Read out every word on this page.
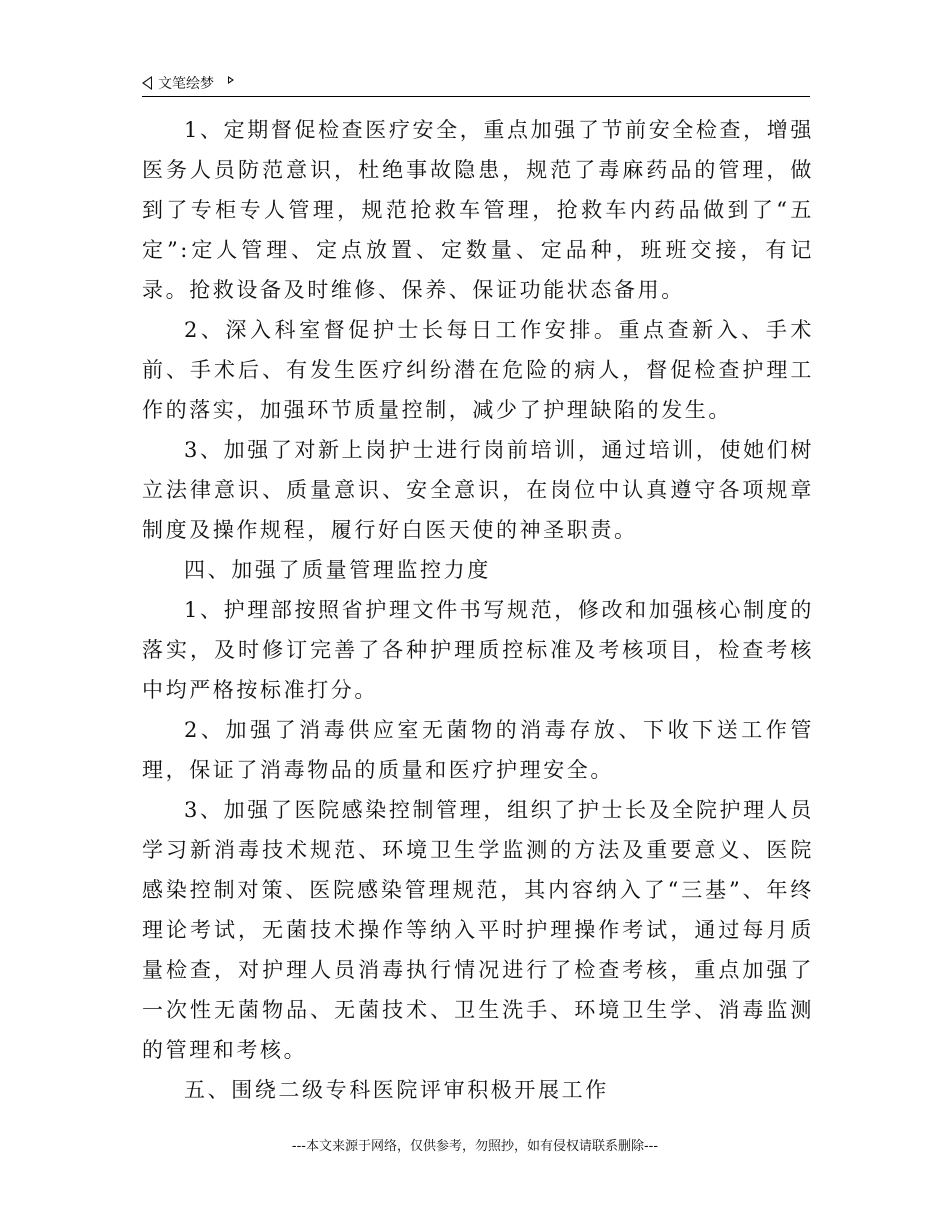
文笔绘梦

1、定期督促检查医疗安全，重点加强了节前安全检查，增强医务人员防范意识，杜绝事故隐患，规范了毒麻药品的管理，做到了专柜专人管理，规范抢救车管理，抢救车内药品做到了“五定”:定人管理、定点放置、定数量、定品种，班班交接，有记录。抢救设备及时维修、保养、保证功能状态备用。

2、深入科室督促护士长每日工作安排。重点查新入、手术前、手术后、有发生医疗纠纷潜在危险的病人，督促检查护理工作的落实，加强环节质量控制，减少了护理缺陷的发生。

3、加强了对新上岗护士进行岗前培训，通过培训，使她们树立法律意识、质量意识、安全意识，在岗位中认真遵守各项规章制度及操作规程，履行好白医天使的神圣职责。

四、加强了质量管理监控力度

1、护理部按照省护理文件书写规范，修改和加强核心制度的落实，及时修订完善了各种护理质控标准及考核项目，检查考核中均严格按标准打分。

2、加强了消毒供应室无菌物的消毒存放、下收下送工作管理，保证了消毒物品的质量和医疗护理安全。

3、加强了医院感染控制管理，组织了护士长及全院护理人员学习新消毒技术规范、环境卫生学监测的方法及重要意义、医院感染控制对策、医院感染管理规范，其内容纳入了“三基”、年终理论考试，无菌技术操作等纳入平时护理操作考试，通过每月质量检查，对护理人员消毒执行情况进行了检查考核，重点加强了一次性无菌物品、无菌技术、卫生洗手、环境卫生学、消毒监测的管理和考核。

五、围绕二级专科医院评审积极开展工作

---本文来源于网络，仅供参考，勿照抄，如有侵权请联系删除---
